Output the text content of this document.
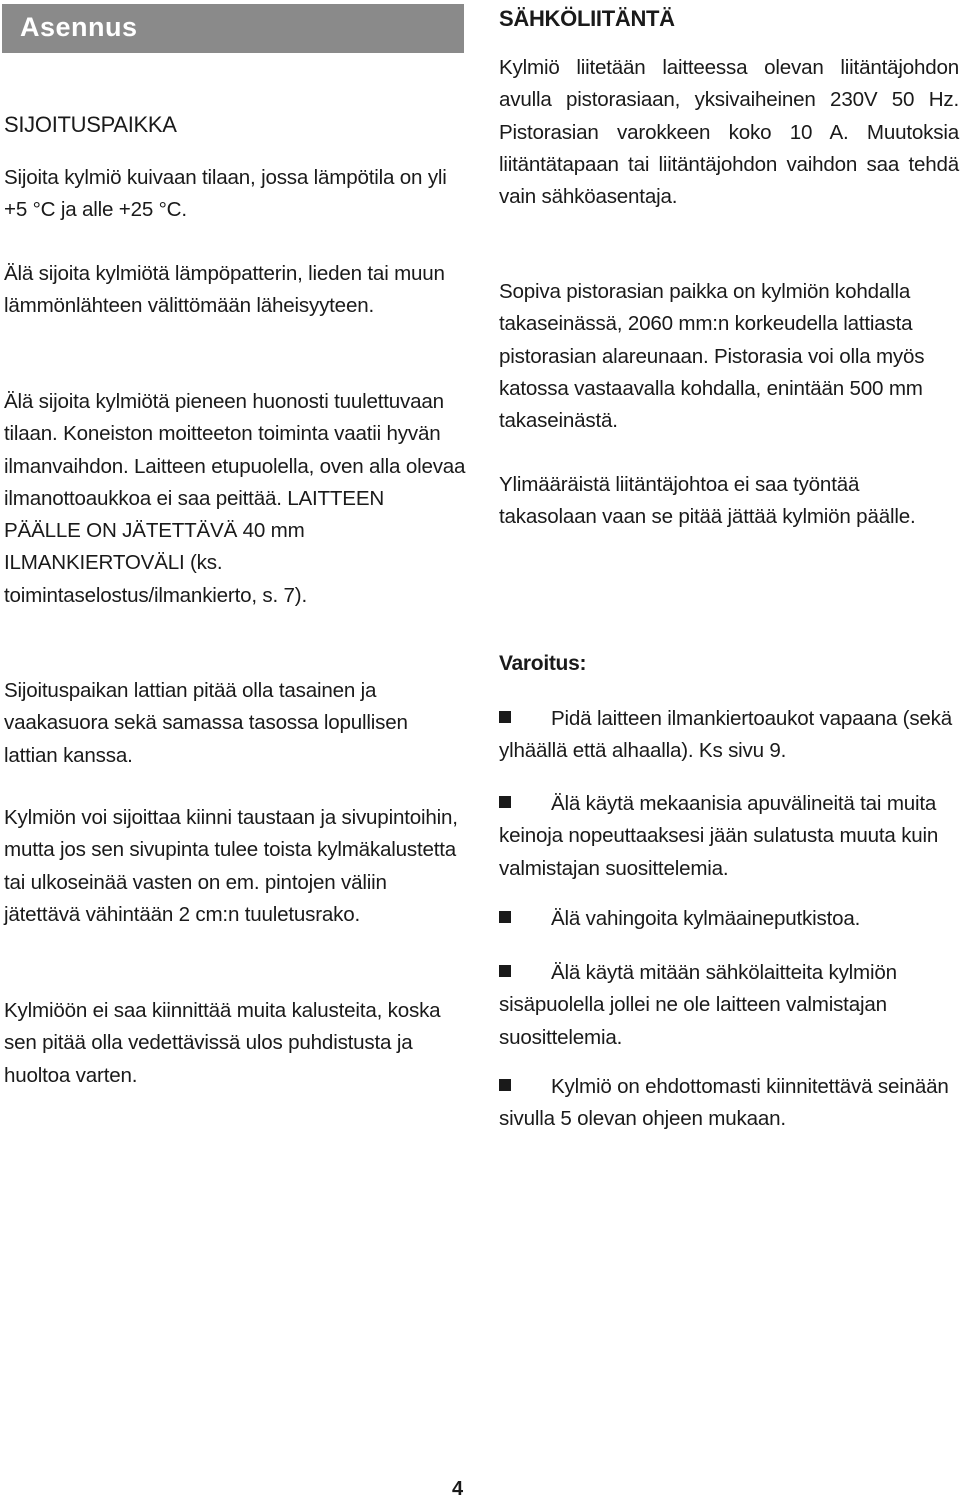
Asennus
SIJOITUSPAIKKA

Sijoita kylmiö kuivaan tilaan, jossa lämpötila on yli +5 °C ja alle +25 °C.

Älä sijoita kylmiötä lämpöpatterin, lieden tai muun lämmönlähteen välittömään läheisyyteen.

Älä sijoita kylmiötä pieneen huonosti tuulettuvaan tilaan. Koneiston moitteeton toiminta vaatii hyvän ilmanvaihdon. Laitteen etupuolella, oven alla olevaa ilmanottoaukkoa ei saa peittää. LAITTEEN PÄÄLLE ON JÄTETTÄVÄ 40 mm ILMANKIERTOVÄLI (ks. toimintaselostus/ilmankierto, s. 7).

Sijoituspaikan lattian pitää olla tasainen ja vaakasuora sekä samassa tasossa lopullisen lattian kanssa.

Kylmiön voi sijoittaa kiinni taustaan ja sivupintoihin, mutta jos sen sivupinta tulee toista kylmäkalustetta tai ulkoseinää vasten on em. pintojen väliin jätettävä vähintään 2 cm:n tuuletusrako.

Kylmiöön ei saa kiinnittää muita kalusteita, koska sen pitää olla vedettävissä ulos puhdistusta ja huoltoa varten.

SÄHKÖLIITÄNTÄ

Kylmiö liitetään laitteessa olevan liitäntäjohdon avulla pistorasiaan, yksivaiheinen 230V 50 Hz. Pistorasian varokkeen koko 10 A. Muutoksia liitäntätapaan tai liitäntäjohdon vaihdon saa tehdä vain sähköasentaja.

Sopiva pistorasian paikka on kylmiön kohdalla takaseinässä, 2060 mm:n korkeudella lattiasta pistorasian alareunaan. Pistorasia voi olla myös katossa vastaavalla kohdalla, enintään 500 mm takaseinästä.

Ylimääräistä liitäntäjohtoa ei saa työntää takasolaan vaan se pitää jättää kylmiön päälle.

Varoitus:
Pidä laitteen ilmankiertoaukot vapaana (sekä ylhäällä että alhaalla). Ks sivu 9.
Älä käytä mekaanisia apuvälineitä tai muita keinoja nopeuttaaksesi jään sulatusta muuta kuin valmistajan suosittelemia.
Älä vahingoita kylmäaineputkistoa.
Älä käytä mitään sähkölaitteita kylmiön sisäpuolella jollei ne ole laitteen valmistajan suosittelemia.
Kylmiö on ehdottomasti kiinnitettävä seinään sivulla 5 olevan ohjeen mukaan.
4
